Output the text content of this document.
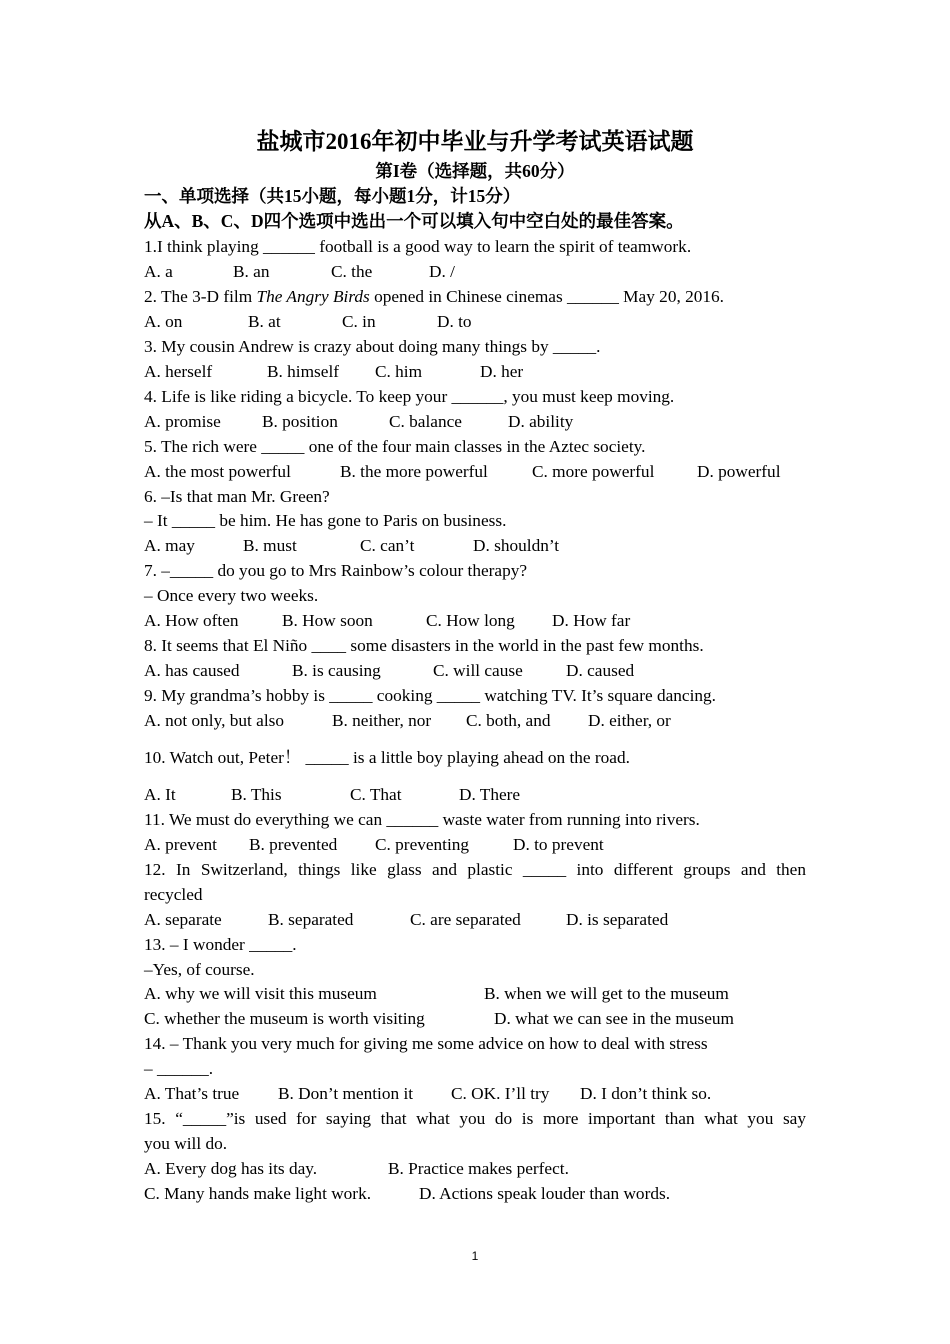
盐城市2016年初中毕业与升学考试英语试题
第I卷（选择题，共60分）
一、单项选择（共15小题，每小题1分，计15分）
从A、B、C、D四个选项中选出一个可以填入句中空白处的最佳答案。
1.I think playing ______ football is a good way to learn the spirit of teamwork.
A. a	B. an	C. the	D. /
2. The 3-D film The Angry Birds opened in Chinese cinemas ______ May 20, 2016.
A. on	B. at	C. in	D. to
3. My cousin Andrew is crazy about doing many things by _____.
A. herself	B. himself C. him	D. her
4. Life is like riding a bicycle. To keep your ______, you must keep moving.
A. promise B. position	C. balance	D. ability
5. The rich were _____ one of the four main classes in the Aztec society.
A. the most powerful	B. the more powerful	C. more powerful D. powerful
6. –Is that man Mr. Green?
– It _____ be him. He has gone to Paris on business.
A. may	B. must	C. can’t	D. shouldn’t
7. –_____ do you go to Mrs Rainbow’s colour therapy?
– Once every two weeks.
A. How often	B. How soon	C. How long D. How far
8. It seems that El Niño ____ some disasters in the world in the past few months.
A. has caused	B. is causing	C. will cause	D. caused
9. My grandma’s hobby is _____ cooking _____ watching TV. It’s square dancing.
A. not only, but also	B. neither, nor C. both, and D. either, or
10. Watch out, Peter！ _____ is a little boy playing ahead on the road.
A. It	B. This	C. That	D. There
11. We must do everything we can ______ waste water from running into rivers.
A. prevent B. prevented C. preventing	D. to prevent
12. In Switzerland, things like glass and plastic _____ into different groups and then
recycled
A. separate	B. separated	C. are separated	D. is separated
13. – I wonder _____.
–Yes, of course.
A. why we will visit this museum	B. when we will get to the museum
C. whether the museum is worth visiting	D. what we can see in the museum
14. – Thank you very much for giving me some advice on how to deal with stress
– ______.
A. That’s true B. Don’t mention it C. OK. I’ll try D. I don’t think so.
15. “_____”is used for saying that what you do is more important than what you say
you will do.
A. Every dog has its day.	B. Practice makes perfect.
C. Many hands make light work.	D. Actions speak louder than words.
1
